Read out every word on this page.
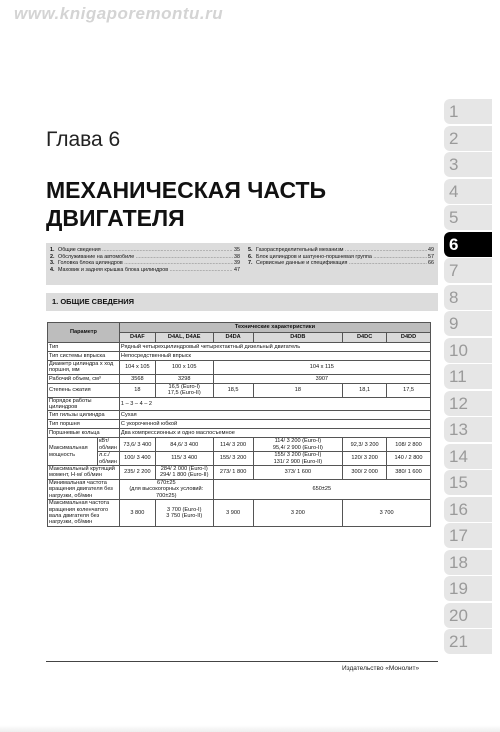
www.knigaporemontu.ru
Глава 6
МЕХАНИЧЕСКАЯ ЧАСТЬ
ДВИГАТЕЛЯ
1. Общие сведения .....	35
2. Обслуживание на автомобиле .....	38
3. Головка блока цилиндров .....	39
4. Маховик и задняя крышка блока цилиндров .....	47
5. Газораспределительный механизм .....	49
6. Блок цилиндров и шатунно-поршневая группа .....	57
7. Сервисные данные и спецификация .....	66
1. ОБЩИЕ СВЕДЕНИЯ
Параметр		Технические характеристики					
		D4AF	D4AL, D4AE	D4DA	D4DB	D4DC	D4DD
Тип		Рядный четырехцилиндровый четырехтактный дизельный двигатель					
Тип системы впрыска		Непосредственный впрыск					
Диаметр цилиндра х ход поршня, мм		104 x 105	100 x 105	104 x 115			
Рабочий объем, см³		3568	3298	3907			
Степень сжатия		18	16,5 (Euro-I)
17,5 (Euro-II)	18,5	18	18,1	17,5
Порядок работы цилиндров		1 – 3 – 4 – 2					
Тип гильзы цилиндра		Сухая					
Тип поршня		С укороченной юбкой					
Поршневые кольца		Два компрессионных и одно маслосъемное					
Максимальная мощность	кВт/ об/мин	73,6/ 3 400	84,6/ 3 400	114/ 3 200	114/ 3 200 (Euro-I)
95,4/ 2 900 (Euro-II)	92,3/ 3 200	108/ 2 800
	л.с./ об/мин	100/ 3 400	115/ 3 400	155/ 3 200	155/ 3 200 (Euro-I)
131/ 2 900 (Euro-II)	120/ 3 200	140 / 2 800
Максимальный крутящий момент, Н·м/ об/мин		235/ 2 200	284/ 2 000 (Euro-I)
294/ 1 800 (Euro-II)	273/ 1 800	373/ 1 600	300/ 2 000	380/ 1 600
Минимальная частота вращения двигателя без нагрузки, об/мин		670±25
(для высокогорных условий:
700±25)		650±25			
Максимальная частота вращения коленчатого вала двигателя без нагрузки, об/мин		3 800	3 700 (Euro-I)
3 750 (Euro-II)	3 900	3 200	3 700	
1
2
3
4
5
6
7
8
9
10
11
12
13
14
15
16
17
18
19
20
21
Издательство «Монолит»
